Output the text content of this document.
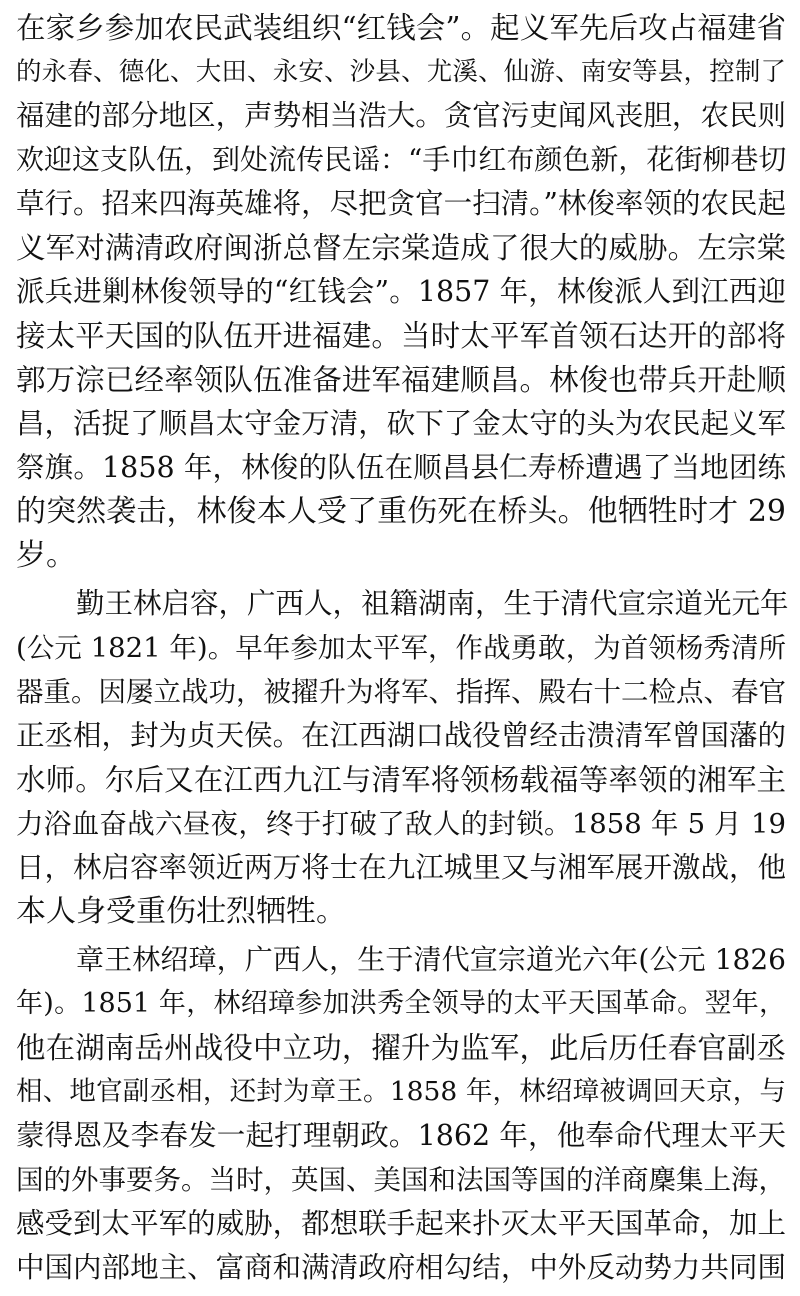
在家乡参加农民武装组织“红钱会”。起义军先后攻占福建省
的永春、德化、大田、永安、沙县、尤溪、仙游、南安等县，控制了
福建的部分地区，声势相当浩大。贪官污吏闻风丧胆，农民则
欢迎这支队伍，到处流传民谣：“手巾红布颜色新，花街柳巷切
草行。招来四海英雄将，尽把贪官一扫清。”林俊率领的农民起
义军对满清政府闽浙总督左宗棠造成了很大的威胁。左宗棠
派兵进剿林俊领导的“红钱会”。1857 年，林俊派人到江西迎
接太平天国的队伍开进福建。当时太平军首领石达开的部将
郭万淙已经率领队伍准备进军福建顺昌。林俊也带兵开赴顺
昌，活捉了顺昌太守金万清，砍下了金太守的头为农民起义军
祭旗。1858 年，林俊的队伍在顺昌县仁寿桥遭遇了当地团练
的突然袭击，林俊本人受了重伤死在桥头。他牺牲时才 29
岁。
勤王林启容，广西人，祖籍湖南，生于清代宣宗道光元年
(公元 1821 年)。早年参加太平军，作战勇敢，为首领杨秀清所
器重。因屡立战功，被擢升为将军、指挥、殿右十二检点、春官
正丞相，封为贞天侯。在江西湖口战役曾经击溃清军曾国藩的
水师。尔后又在江西九江与清军将领杨载福等率领的湘军主
力浴血奋战六昼夜，终于打破了敌人的封锁。1858 年 5 月 19
日，林启容率领近两万将士在九江城里又与湘军展开激战，他
本人身受重伤壮烈牺牲。
章王林绍璋，广西人，生于清代宣宗道光六年(公元 1826
年)。1851 年，林绍璋参加洪秀全领导的太平天国革命。翌年，
他在湖南岳州战役中立功，擢升为监军，此后历任春官副丞
相、地官副丞相，还封为章王。1858 年，林绍璋被调回天京，与
蒙得恩及李春发一起打理朝政。1862 年，他奉命代理太平天
国的外事要务。当时，英国、美国和法国等国的洋商麇集上海，
感受到太平军的威胁，都想联手起来扑灭太平天国革命，加上
中国内部地主、富商和满清政府相勾结，中外反动势力共同围
